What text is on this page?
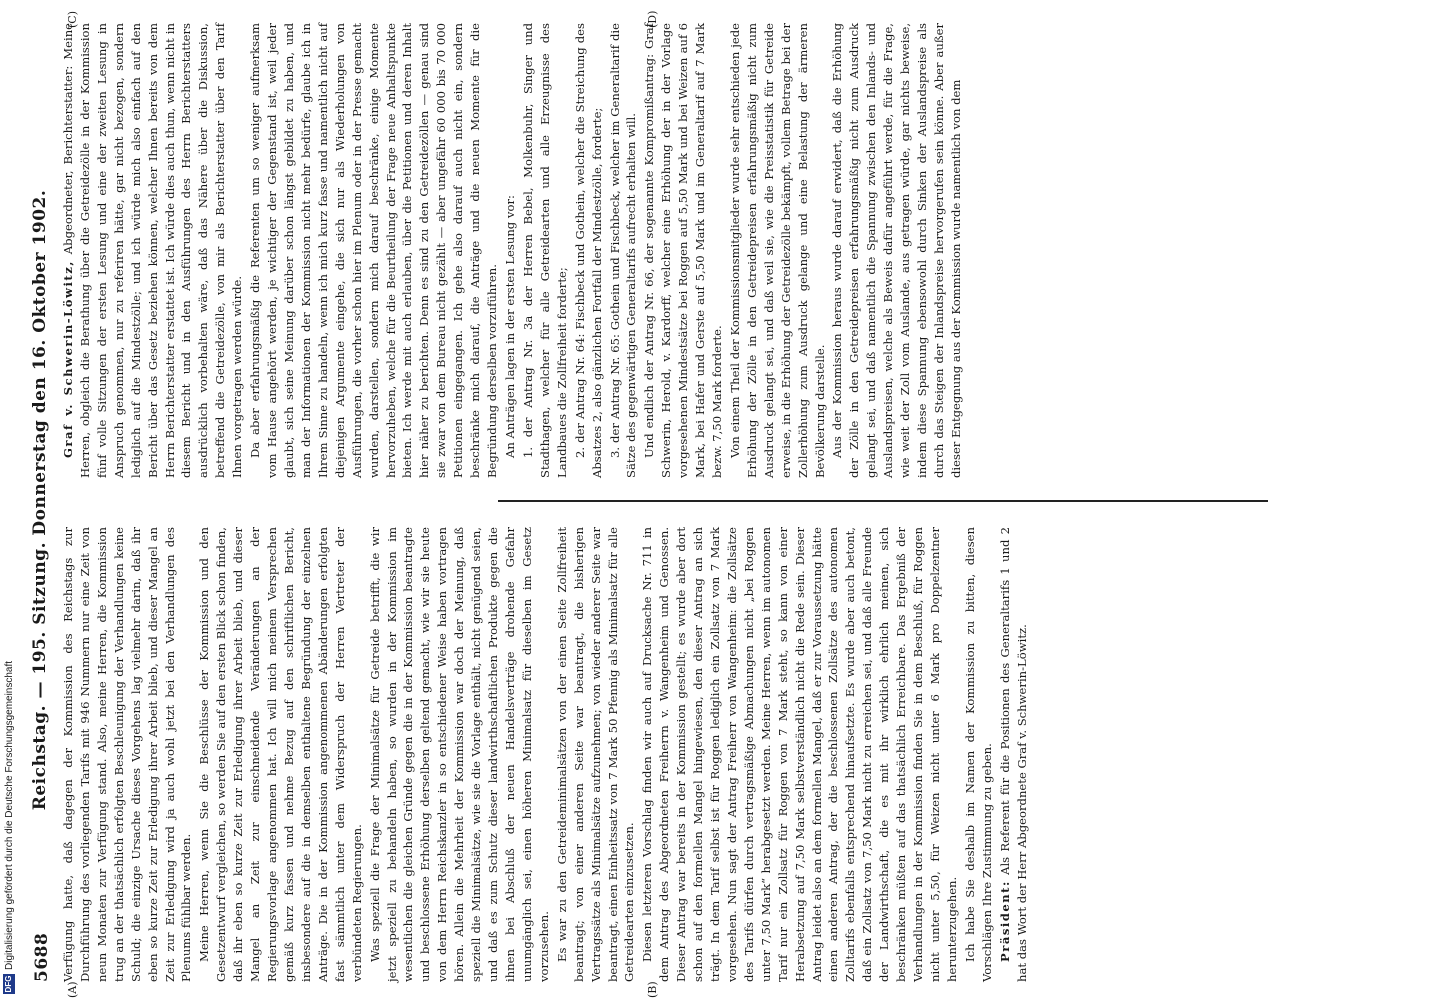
DFG
Digitalisierung gefördert durch die Deutsche Forschungsgemeinschaft 5688
Reichstag. — 195. Sitzung. Donnerstag den 16. Oktober 1902.
(A)	(B)
(C)	(D)

Verfügung hatte, daß dagegen der Kommission des Reichstags zur Durchführung des vorliegenden Tarifs mit 946 Nummern nur eine Zeit von neun Monaten zur Verfügung stand. Also, meine Herren, die Kommission trug an der thatsächlich erfolgten Beschleunigung der Verhandlungen keine Schuld; die einzige Ursache dieses Vorgehens lag vielmehr darin, daß ihr eben so kurze Zeit zur Erledigung ihrer Arbeit blieb, und dieser Mangel an Zeit zur Erledigung wird ja auch wohl jetzt bei den Verhandlungen des Plenums fühlbar werden. Meine Herren, wenn Sie die Beschlüsse der Kommission und den Gesetzentwurf vergleichen, so werden Sie auf den ersten Blick schon finden, daß ihr eben so kurze Zeit zur Erledigung ihrer Arbeit blieb, und dieser Mangel an Zeit zur einschneidende Veränderungen an der Regierungsvorlage angenommen hat. Ich will mich meinem Versprechen gemäß kurz fassen und nehme Bezug auf den schriftlichen Bericht, insbesondere auf die in demselben enthaltene Begründung der einzelnen Anträge. Die in der Kommission angenommenen Abänderungen erfolgten fast sämmtlich unter dem Widerspruch der Herren Vertreter der verbündeten Regierungen. Was speziell die Frage der Minimalsätze für Getreide betrifft, die wir jetzt speziell zu behandeln haben, so wurden in der Kommission im wesentlichen die gleichen Gründe gegen die in der Kommission beantragte und beschlossene Erhöhung derselben geltend gemacht, wie wir sie heute von dem Herrn Reichskanzler in so entschiedener Weise haben vortragen hören. Allein die Mehrheit der Kommission war doch der Meinung, daß speziell die Minimalsätze, wie sie die Vorlage enthält, nicht genügend seien, und daß es zum Schutz dieser landwirthschaftlichen Produkte gegen die ihnen bei Abschluß der neuen Handelsverträge drohende Gefahr unumgänglich sei, einen höheren Minimalsatz für dieselben im Gesetz vorzusehen. Es war zu den Getreideminimalsätzen von der einen Seite Zollfreiheit beantragt; von einer anderen Seite war beantragt, die bisherigen Vertragssätze als Minimalsätze aufzunehmen; von wieder anderer Seite war beantragt, einen Einheitssatz von 7 Mark 50 Pfennig als Minimalsatz für alle Getreidearten einzusetzen. Diesen letzteren Vorschlag finden wir auch auf Drucksache Nr. 711 in dem Antrag des Abgeordneten Freiherrn v. Wangenheim und Genossen. Dieser Antrag war bereits in der Kommission gestellt; es wurde aber dort schon auf den formellen Mangel hingewiesen, den dieser Antrag an sich trägt. In dem Tarif selbst ist für Roggen lediglich ein Zollsatz von 7 Mark vorgesehen. Nun sagt der Antrag Freiherr von Wangenheim: die Zollsätze des Tarifs dürfen durch vertragsmäßige Abmachungen nicht „bei Roggen unter 7,50 Mark“ herabgesetzt werden. Meine Herren, wenn im autonomen Tarif nur ein Zollsatz für Roggen von 7 Mark steht, so kann von einer Herabsetzung auf 7,50 Mark selbstverständlich nicht die Rede sein. Dieser Antrag leidet also an dem formellen Mangel, daß er zur Voraussetzung hätte einen anderen Antrag, der die beschlossenen Zollsätze des autonomen Zolltarifs ebenfalls entsprechend hinaufsetzte. Es wurde aber auch betont, daß ein Zollsatz von 7,50 Mark nicht zu erreichen sei, und daß alle Freunde der Landwirthschaft, die es mit ihr wirklich ehrlich meinen, sich beschränken müßten auf das thatsächlich Erreichbare. Das Ergebniß der Verhandlungen in der Kommission finden Sie in dem Beschluß, für Roggen nicht unter 5,50, für Weizen nicht unter 6 Mark pro Doppelzentner herunterzugehen. Ich habe Sie deshalb im Namen der Kommission zu bitten, diesen Vorschlägen Ihre Zustimmung zu geben. Präsident: Als Referent für die Positionen des Generaltarifs 1 und 2 hat das Wort der Herr Abgeordnete Graf v. Schwerin-Löwitz.

Graf v. Schwerin-Löwitz, Abgeordneter, Berichterstatter: Meine Herren, obgleich die Berathung über die Getreidezölle in der Kommission fünf volle Sitzungen der ersten Lesung und eine der zweiten Lesung in Anspruch genommen, nur zu referiren hätte, gar nicht bezogen, sondern lediglich auf die Mindestzölle; und ich würde mich also einfach auf den Bericht über das Gesetz beziehen können, welcher Ihnen bereits von dem Herrn Berichterstatter erstattet ist. Ich würde dies auch thun, wenn nicht in diesem Bericht und in den Ausführungen des Herrn Berichterstatters ausdrücklich vorbehalten wäre, daß das Nähere über die Diskussion, betreffend die Getreidezölle, von mir als Berichterstatter über den Tarif Ihnen vorgetragen werden würde. Da aber erfahrungsmäßig die Referenten um so weniger aufmerksam vom Hause angehört werden, je wichtiger der Gegenstand ist, weil jeder glaubt, sich seine Meinung darüber schon längst gebildet zu haben, und man der Informationen der Kommission nicht mehr bedürfe, glaube ich in Ihrem Sinne zu handeln, wenn ich mich kurz fasse und namentlich nicht auf diejenigen Argumente eingehe, die sich nur als Wiederholungen von Ausführungen, die vorher schon hier im Plenum oder in der Presse gemacht wurden, darstellen, sondern mich darauf beschränke, einige Momente hervorzuheben, welche für die Beurtheilung der Frage neue Anhaltspunkte bieten. Ich werde mit auch erlauben, über die Petitionen und deren Inhalt hier näher zu berichten. Denn es sind zu den Getreidezöllen — genau sind sie zwar von dem Bureau nicht gezählt — aber ungefähr 60 000 bis 70 000 Petitionen eingegangen. Ich gehe also darauf auch nicht ein, sondern beschränke mich darauf, die Anträge und die neuen Momente für die Begründung derselben vorzuführen. An Anträgen lagen in der ersten Lesung vor: 1. der Antrag Nr. 3a der Herren Bebel, Molkenbuhr, Singer und Stadthagen, welcher für alle Getreidearten und alle Erzeugnisse des Landbaues die Zollfreiheit forderte; 2. der Antrag Nr. 64: Fischbeck und Gothein, welcher die Streichung des Absatzes 2, also gänzlichen Fortfall der Mindestzölle, forderte; 3. der Antrag Nr. 65: Gothein und Fischbeck, welcher im Generaltarif die Sätze des gegenwärtigen Generaltarifs aufrecht erhalten will. Und endlich der Antrag Nr. 66, der sogenannte Kompromißantrag: Graf Schwerin, Herold, v. Kardorff, welcher eine Erhöhung der in der Vorlage vorgesehenen Mindestsätze bei Roggen auf 5,50 Mark und bei Weizen auf 6 Mark, bei Hafer und Gerste auf 5,50 Mark und im Generaltarif auf 7 Mark bezw. 7,50 Mark forderte. Von einem Theil der Kommissionsmitglieder wurde sehr entschieden jede Erhöhung der Zölle in den Getreidepreisen erfahrungsmäßig nicht zum Ausdruck gelangt sei, und daß weil sie, wie die Preisstatistik für Getreide erweise, in die Erhöhung der Getreidezölle bekämpft, vollem Betrage bei der Zollerhöhung zum Ausdruck gelange und eine Belastung der ärmeren Bevölkerung darstelle. Aus der Kommission heraus wurde darauf erwidert, daß die Erhöhung der Zölle in den Getreidepreisen erfahrungsmäßig nicht zum Ausdruck gelangt sei, und daß namentlich die Spannung zwischen den Inlands- und Auslandspreisen, welche als Beweis dafür angeführt werde, für die Frage, wie weit der Zoll vom Auslande, aus getragen würde, gar nichts beweise, indem diese Spannung ebensowohl durch Sinken der Auslandspreise als durch das Steigen der Inlandspreise hervorgerufen sein könne. Aber außer dieser Entgegnung aus der Kommission wurde namentlich von dem
